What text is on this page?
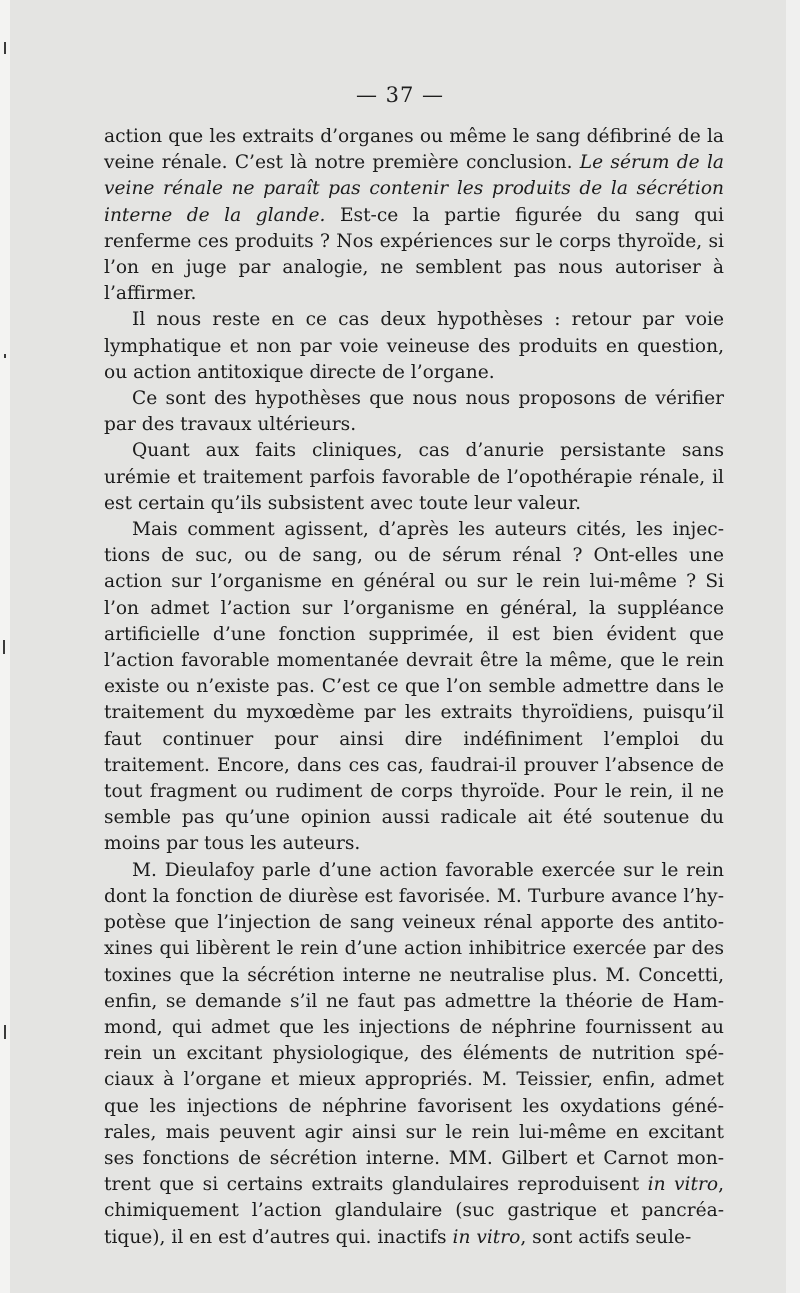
— 37 —

action que les extraits d’organes ou même le sang défibriné de la veine rénale. C’est là notre première conclusion. Le sérum de la veine rénale ne paraît pas contenir les produits de la sécrétion interne de la glande. Est-ce la partie figurée du sang qui renferme ces produits ? Nos expériences sur le corps thyroïde, si l’on en juge par analogie, ne semblent pas nous autoriser à l’affirmer.

Il nous reste en ce cas deux hypothèses : retour par voie lymphatique et non par voie veineuse des produits en question, ou action antitoxique directe de l’organe.

Ce sont des hypothèses que nous nous proposons de vérifier par des travaux ultérieurs.

Quant aux faits cliniques, cas d’anurie persistante sans urémie et traitement parfois favorable de l’opothérapie rénale, il est certain qu’ils subsistent avec toute leur valeur.

Mais comment agissent, d’après les auteurs cités, les injections de suc, ou de sang, ou de sérum rénal ? Ont-elles une action sur l’organisme en général ou sur le rein lui-même ? Si l’on admet l’action sur l’organisme en général, la suppléance artificielle d’une fonction supprimée, il est bien évident que l’action favorable momentanée devrait être la même, que le rein existe ou n’existe pas. C’est ce que l’on semble admettre dans le traitement du myxœdème par les extraits thyroïdiens, puisqu’il faut continuer pour ainsi dire indéfiniment l’emploi du traitement. Encore, dans ces cas, faudrai-il prouver l’absence de tout fragment ou rudiment de corps thyroïde. Pour le rein, il ne semble pas qu’une opinion aussi radicale ait été soutenue du moins par tous les auteurs.

M. Dieulafoy parle d’une action favorable exercée sur le rein dont la fonction de diurèse est favorisée. M. Turbure avance l’hypotèse que l’injection de sang veineux rénal apporte des antitoxines qui libèrent le rein d’une action inhibitrice exercée par des toxines que la sécrétion interne ne neutralise plus. M. Concetti, enfin, se demande s’il ne faut pas admettre la théorie de Hammond, qui admet que les injections de néphrine fournissent au rein un excitant physiologique, des éléments de nutrition spéciaux à l’organe et mieux appropriés. M. Teissier, enfin, admet que les injections de néphrine favorisent les oxydations générales, mais peuvent agir ainsi sur le rein lui-même en excitant ses fonctions de sécrétion interne. MM. Gilbert et Carnot montrent que si certains extraits glandulaires reproduisent in vitro, chimiquement l’action glandulaire (suc gastrique et pancréatique), il en est d’autres qui. inactifs in vitro, sont actifs seule-
